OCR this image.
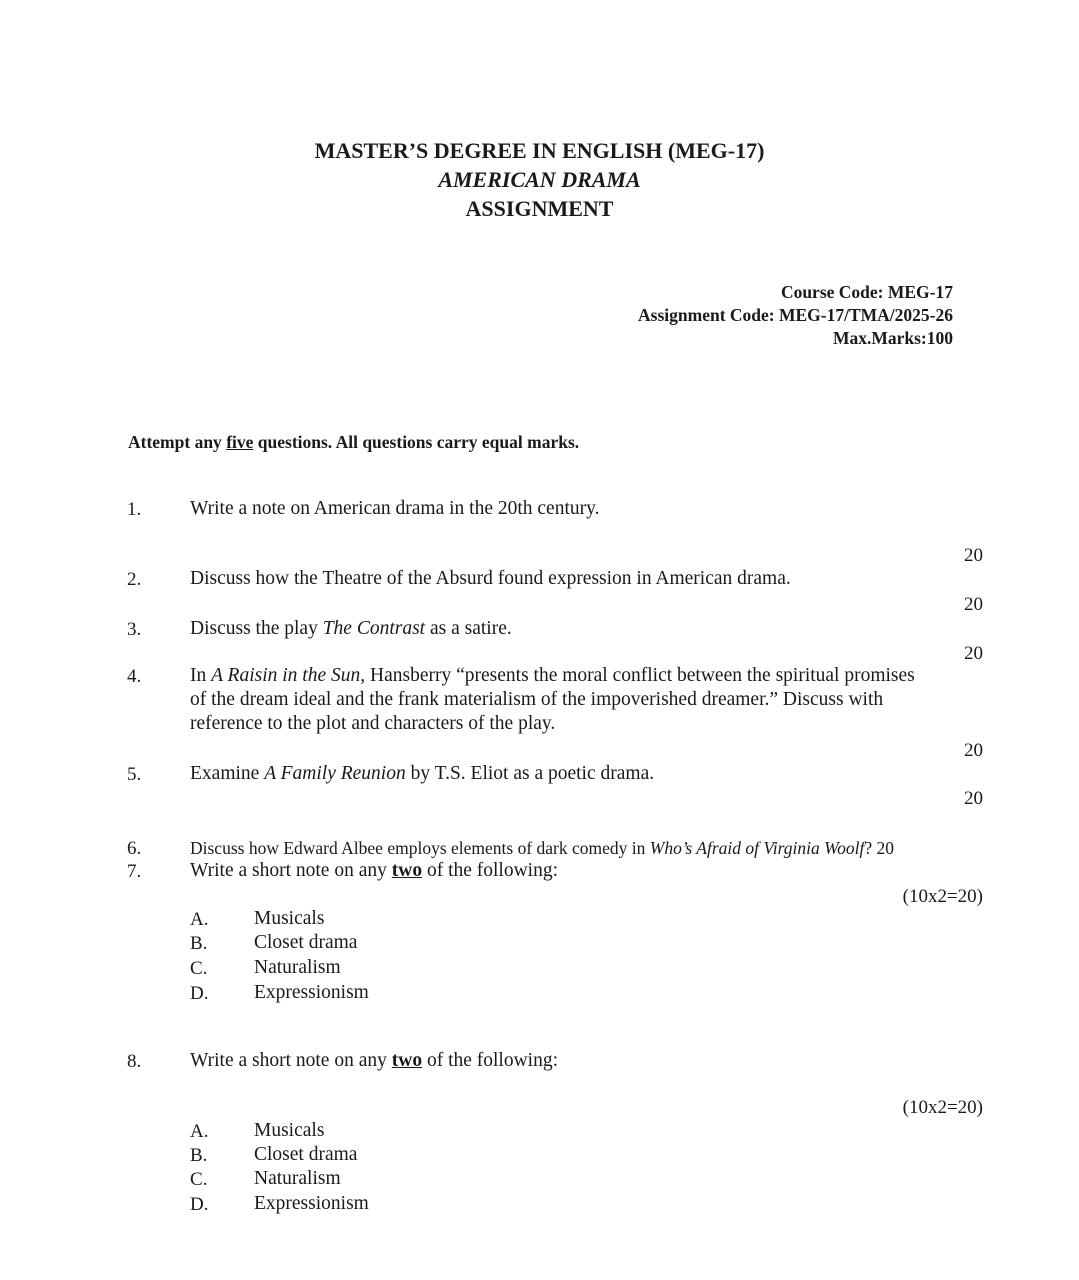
MASTER’S DEGREE IN ENGLISH (MEG-17)
AMERICAN DRAMA
ASSIGNMENT
Course Code: MEG-17
Assignment Code: MEG-17/TMA/2025-26
Max.Marks:100
Attempt any five questions. All questions carry equal marks.
1.	Write a note on American drama in the 20th century.
20
2.	Discuss how the Theatre of the Absurd found expression in American drama.
20
3.	Discuss the play The Contrast as a satire.
20
4.	In A Raisin in the Sun, Hansberry “presents the moral conflict between the spiritual promises
of the dream ideal and the frank materialism of the impoverished dreamer.” Discuss with
reference to the plot and characters of the play.
20
5.	Examine A Family Reunion by T.S. Eliot as a poetic drama.
20
6.	Discuss how Edward Albee employs elements of dark comedy in Who’s Afraid of Virginia Woolf? 20
7.	Write a short note on any two of the following:
(10x2=20)
A. Musicals
B. Closet drama
C. Naturalism
D. Expressionism
8.	Write a short note on any two of the following:
(10x2=20)
A. Musicals
B. Closet drama
C. Naturalism
D. Expressionism
